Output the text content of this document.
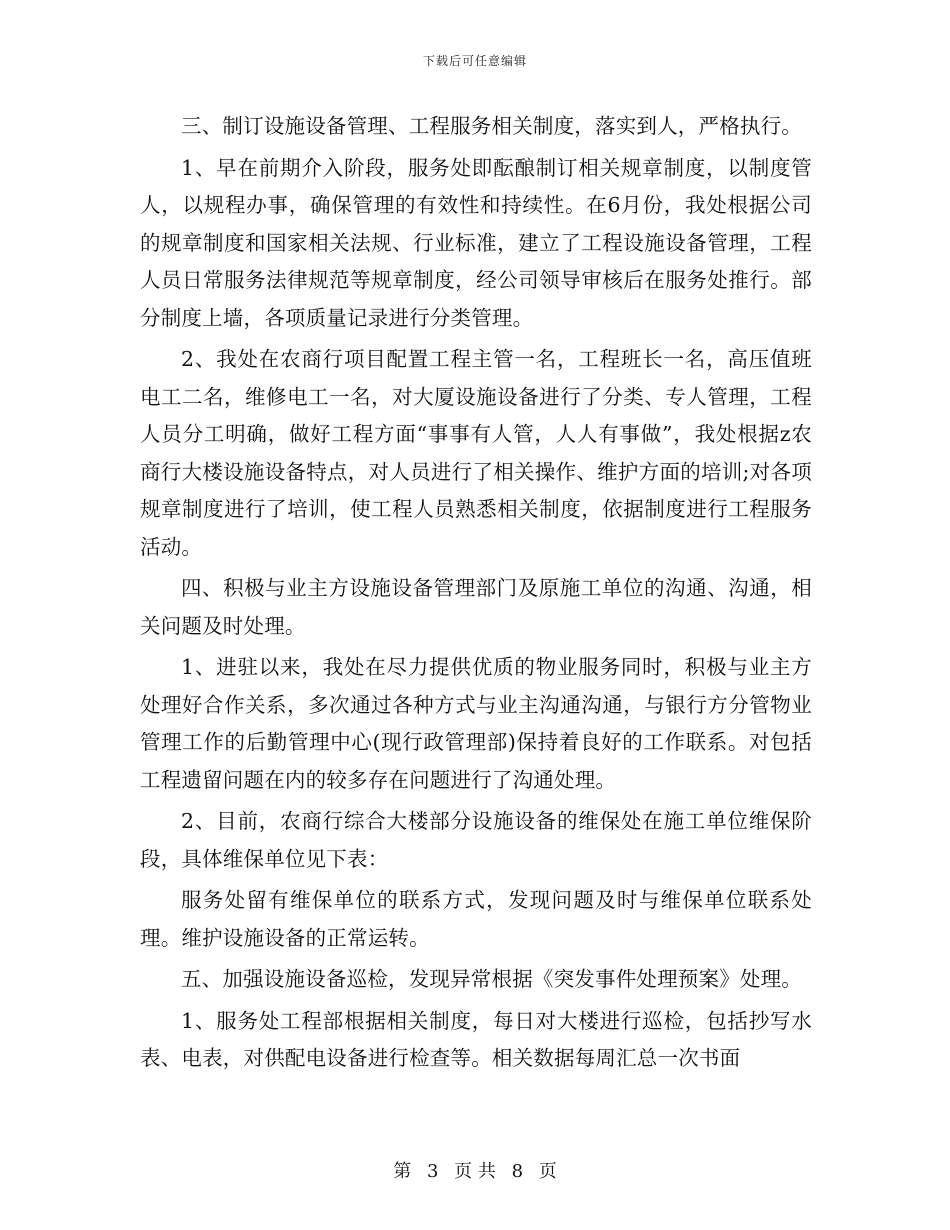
下载后可任意编辑

三、制订设施设备管理、工程服务相关制度，落实到人，严格执行。

1、早在前期介入阶段，服务处即酝酿制订相关规章制度，以制度管人，以规程办事，确保管理的有效性和持续性。在6月份，我处根据公司的规章制度和国家相关法规、行业标准，建立了工程设施设备管理，工程人员日常服务法律规范等规章制度，经公司领导审核后在服务处推行。部分制度上墙，各项质量记录进行分类管理。

2、我处在农商行项目配置工程主管一名，工程班长一名，高压值班电工二名，维修电工一名，对大厦设施设备进行了分类、专人管理，工程人员分工明确，做好工程方面“事事有人管，人人有事做”，我处根据z农商行大楼设施设备特点，对人员进行了相关操作、维护方面的培训;对各项规章制度进行了培训，使工程人员熟悉相关制度，依据制度进行工程服务活动。

四、积极与业主方设施设备管理部门及原施工单位的沟通、沟通，相关问题及时处理。

1、进驻以来，我处在尽力提供优质的物业服务同时，积极与业主方处理好合作关系，多次通过各种方式与业主沟通沟通，与银行方分管物业管理工作的后勤管理中心(现行政管理部)保持着良好的工作联系。对包括工程遗留问题在内的较多存在问题进行了沟通处理。

2、目前，农商行综合大楼部分设施设备的维保处在施工单位维保阶段，具体维保单位见下表：

服务处留有维保单位的联系方式，发现问题及时与维保单位联系处理。维护设施设备的正常运转。

五、加强设施设备巡检，发现异常根据《突发事件处理预案》处理。

1、服务处工程部根据相关制度，每日对大楼进行巡检，包括抄写水表、电表，对供配电设备进行检查等。相关数据每周汇总一次书面

第 3 页 共 8 页
